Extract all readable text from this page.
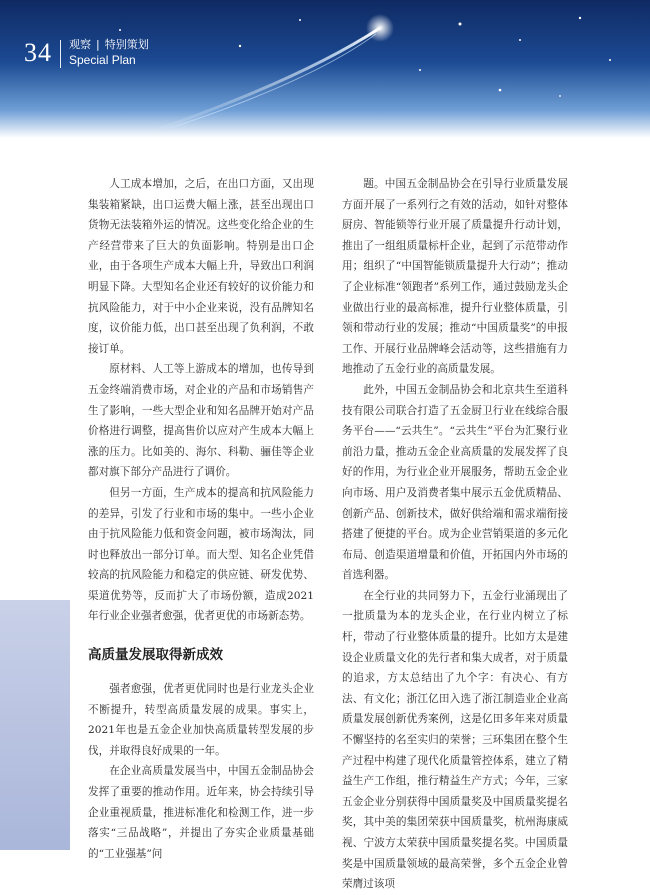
34 观察 | 特别策划
Special Plan

人工成本增加，之后，在出口方面，又出现集装箱紧缺，出口运费大幅上涨，甚至出现出口货物无法装箱外运的情况。这些变化给企业的生产经营带来了巨大的负面影响。特别是出口企业，由于各项生产成本大幅上升，导致出口利润明显下降。大型知名企业还有较好的议价能力和抗风险能力，对于中小企业来说，没有品牌知名度，议价能力低，出口甚至出现了负利润，不敢接订单。

原材料、人工等上游成本的增加，也传导到五金终端消费市场，对企业的产品和市场销售产生了影响，一些大型企业和知名品牌开始对产品价格进行调整，提高售价以应对产生成本大幅上涨的压力。比如美的、海尔、科勒、骊佳等企业都对旗下部分产品进行了调价。

但另一方面，生产成本的提高和抗风险能力的差异，引发了行业和市场的集中。一些小企业由于抗风险能力低和资金问题，被市场淘汰，同时也释放出一部分订单。而大型、知名企业凭借较高的抗风险能力和稳定的供应链、研发优势、渠道优势等，反而扩大了市场份额，造成2021年行业企业强者愈强，优者更优的市场新态势。

高质量发展取得新成效

强者愈强，优者更优同时也是行业龙头企业不断提升，转型高质量发展的成果。事实上，2021年也是五金企业加快高质量转型发展的步伐，并取得良好成果的一年。

在企业高质量发展当中，中国五金制品协会发挥了重要的推动作用。近年来，协会持续引导企业重视质量，推进标准化和检测工作，进一步落实“三品战略”，并提出了夯实企业质量基础的“工业强基”问

题。中国五金制品协会在引导行业质量发展方面开展了一系列行之有效的活动，如针对整体厨房、智能锁等行业开展了质量提升行动计划，推出了一组组质量标杆企业，起到了示范带动作用；组织了“中国智能锁质量提升大行动”；推动了企业标准“领跑者”系列工作，通过鼓励龙头企业做出行业的最高标准，提升行业整体质量，引领和带动行业的发展；推动“中国质量奖”的申报工作、开展行业品牌峰会活动等，这些措施有力地推动了五金行业的高质量发展。

此外，中国五金制品协会和北京共生至道科技有限公司联合打造了五金厨卫行业在线综合服务平台——“云共生”。“云共生”平台为汇聚行业前沿力量，推动五金企业高质量的发展发挥了良好的作用，为行业企业开展服务，帮助五金企业向市场、用户及消费者集中展示五金优质精品、创新产品、创新技术，做好供给端和需求端衔接搭建了便捷的平台。成为企业营销渠道的多元化布局、创造渠道增量和价值，开拓国内外市场的首选利器。

在全行业的共同努力下，五金行业涌现出了一批质量为本的龙头企业，在行业内树立了标杆，带动了行业整体质量的提升。比如方太是建设企业质量文化的先行者和集大成者，对于质量的追求，方太总结出了九个字：有决心、有方法、有文化；浙江亿田入选了浙江制造业企业高质量发展创新优秀案例，这是亿田多年来对质量不懈坚持的名至实归的荣誉；三环集团在整个生产过程中构建了现代化质量管控体系，建立了精益生产工作组，推行精益生产方式；今年，三家五金企业分别获得中国质量奖及中国质量奖提名奖，其中美的集团荣获中国质量奖，杭州海康威视、宁波方太荣获中国质量奖提名奖。中国质量奖是中国质量领域的最高荣誉，多个五金企业曾荣膺过该项
